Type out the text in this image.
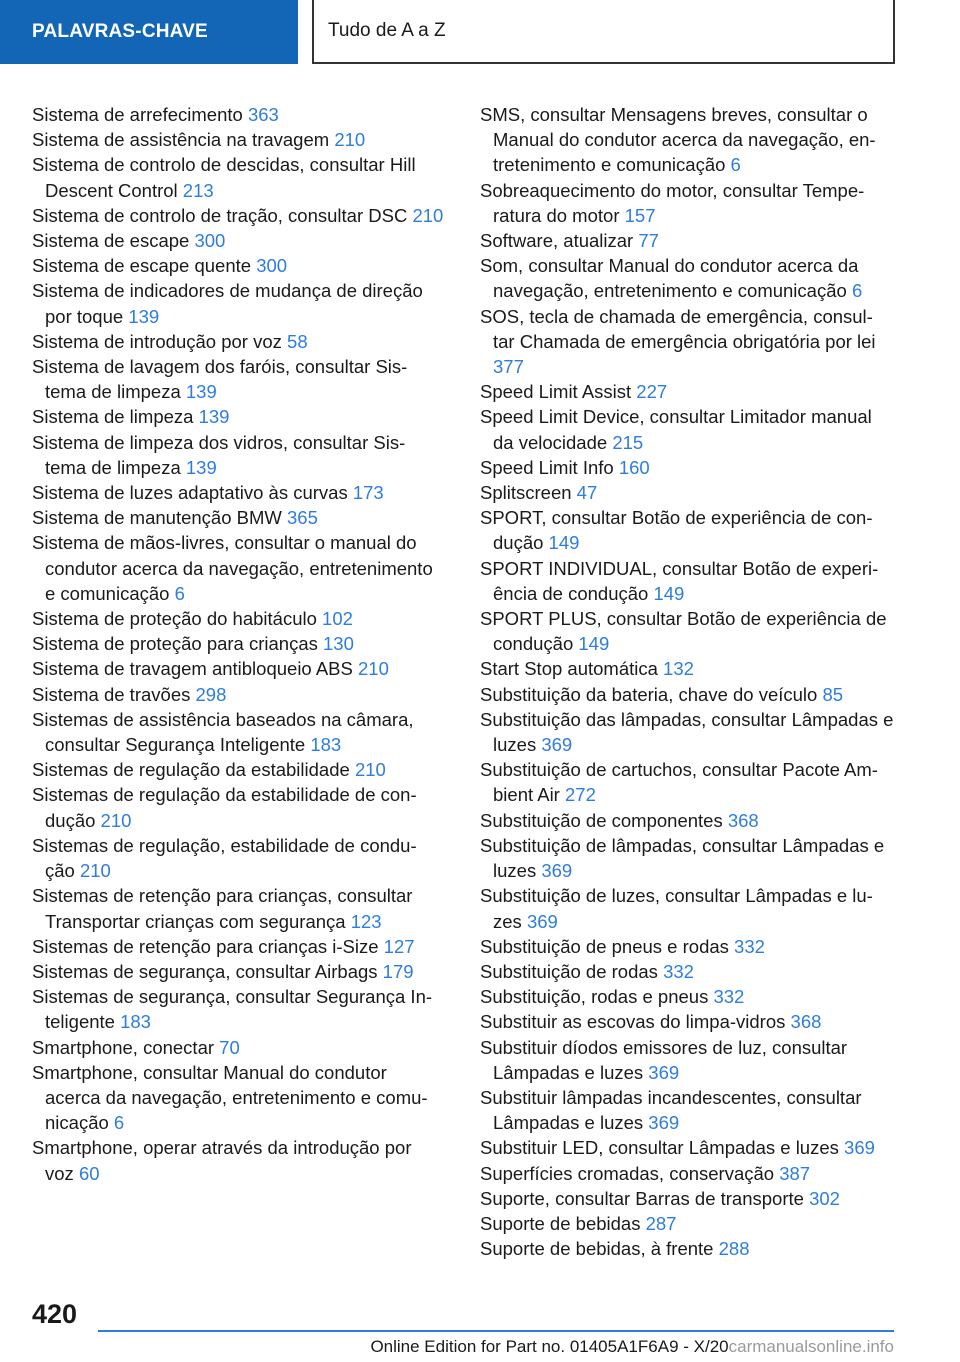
PALAVRAS-CHAVE	Tudo de A a Z
Sistema de arrefecimento 363
Sistema de assistência na travagem 210
Sistema de controlo de descidas, consultar Hill Descent Control 213
Sistema de controlo de tração, consultar DSC 210
Sistema de escape 300
Sistema de escape quente 300
Sistema de indicadores de mudança de direção por toque 139
Sistema de introdução por voz 58
Sistema de lavagem dos faróis, consultar Sis‐ tema de limpeza 139
Sistema de limpeza 139
Sistema de limpeza dos vidros, consultar Sis‐ tema de limpeza 139
Sistema de luzes adaptativo às curvas 173
Sistema de manutenção BMW 365
Sistema de mãos-livres, consultar o manual do condutor acerca da navegação, entretenimento e comunicação 6
Sistema de proteção do habitáculo 102
Sistema de proteção para crianças 130
Sistema de travagem antibloqueio ABS 210
Sistema de travões 298
Sistemas de assistência baseados na câmara, consultar Segurança Inteligente 183
Sistemas de regulação da estabilidade 210
Sistemas de regulação da estabilidade de con‐ dução 210
Sistemas de regulação, estabilidade de condu‐ ção 210
Sistemas de retenção para crianças, consultar Transportar crianças com segurança 123
Sistemas de retenção para crianças i-Size 127
Sistemas de segurança, consultar Airbags 179
Sistemas de segurança, consultar Segurança In‐ teligente 183
Smartphone, conectar 70
Smartphone, consultar Manual do condutor acerca da navegação, entretenimento e comu‐ nicação 6
Smartphone, operar através da introdução por voz 60
SMS, consultar Mensagens breves, consultar o Manual do condutor acerca da navegação, en‐ tretenimento e comunicação 6
Sobreaquecimento do motor, consultar Tempe‐ ratura do motor 157
Software, atualizar 77
Som, consultar Manual do condutor acerca da navegação, entretenimento e comunicação 6
SOS, tecla de chamada de emergência, consul‐ tar Chamada de emergência obrigatória por lei 377
Speed Limit Assist 227
Speed Limit Device, consultar Limitador manual da velocidade 215
Speed Limit Info 160
Splitscreen 47
SPORT, consultar Botão de experiência de con‐ dução 149
SPORT INDIVIDUAL, consultar Botão de experi‐ ência de condução 149
SPORT PLUS, consultar Botão de experiência de condução 149
Start Stop automática 132
Substituição da bateria, chave do veículo 85
Substituição das lâmpadas, consultar Lâmpadas e luzes 369
Substituição de cartuchos, consultar Pacote Am‐ bient Air 272
Substituição de componentes 368
Substituição de lâmpadas, consultar Lâmpadas e luzes 369
Substituição de luzes, consultar Lâmpadas e lu‐ zes 369
Substituição de pneus e rodas 332
Substituição de rodas 332
Substituição, rodas e pneus 332
Substituir as escovas do limpa-vidros 368
Substituir díodos emissores de luz, consultar Lâmpadas e luzes 369
Substituir lâmpadas incandescentes, consultar Lâmpadas e luzes 369
Substituir LED, consultar Lâmpadas e luzes 369
Superfícies cromadas, conservação 387
Suporte, consultar Barras de transporte 302
Suporte de bebidas 287
Suporte de bebidas, à frente 288
420
Online Edition for Part no. 01405A1F6A9 - X/20carmanualsonline.info
